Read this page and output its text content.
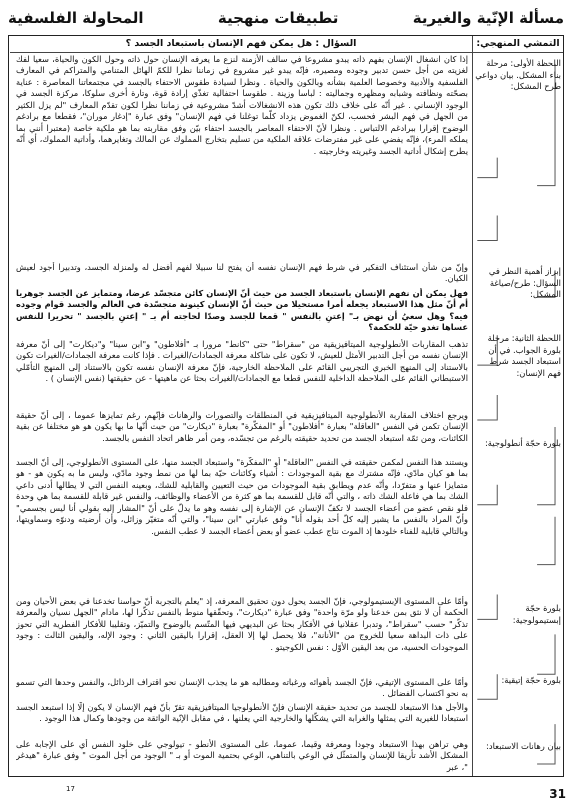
مسألة الإنّية والغيرية
تطبيقات منهجية
المحاولة الفلسفية
التمشي المنهجي:
السؤال : هل يمكن فهم الإنسان باستبعاد الجسد ؟
اللحظة الأولى: مرحلة بناء المشكل. بيان دواعي طرح المشكل:
إبراز أهمية النظر في السؤال: طرح/صياغة المشكل:
اللحظة الثانية: مرحلة بلورة الجواب. في أن استبعاد الجسد شرط فهم الإنسان:
بلورة حجّة أنطولوجية:
بلورة حجّة إبستيمولوجية:
بلورة حجّة إتيقية:
بيان رهانات الاستبعاد:

إذا كان انشغال الإنسان بفهم ذاته يبدو مشروعا في سالف الأزمنة لنزع ما يعرفه الإنسان حول ذاته وحول الكون والحياة، سعيا لفك لغزيته من أجل حسن تدبير وجوده ومصيره، فإنّه يبدو غير مشروع في زماننا نظرا للكمّ الهائل المتنامي والمتراكم في المعارف الفلسفية والأدبية وخصوصا العلمية بشأنه وبالكون والحياة . ونظرا لسيادة طقوس الاحتفاء بالجسد في مجتمعاتنا المعاصرة : عناية بصحّته ونظافته وشبابه ومظهره وجماليته : لباسا وزينة . طقوسا احتفالية تغذّي إرادة قوة، وتارة أخرى سلوكا، مركزة الجسد في الوجود الإنساني . غير أنّه على خلاف ذلك تكون هذه الانشغالات أشدّ مشروعية في زماننا نظرا لكون تقدّم المعارف "لم يزل الكثير من الجهل في فهم البشر فحسب، لكنّ الغموض يزداد كلّما توغلنا في فهم الإنسان" وفق عبارة "إدغار موران"، فقطعا مع برادغم الوضوح إقرارا ببرادغم الالتباس . ونظرا لأنّ الاحتفاء المعاصر بالجسد احتفاء بيّن وفق مقاربته بما هو ملكية خاصة (معتبرا أنني بما يملكه المرء)، فإنّه يفضي على غير مفترضات علاقة الملكية من تسليم بتخارج المملوك عن المالك وتغايرهما، وأداتية المملوك، أي أنّه يطرح إشكال أداتية الجسد وغيريته وخارجيته .

وإنّ من شأن استئناف التفكير في شرط فهم الإنسان نفسه أن يفتح لنا سبيلا لفهم أفضل له ولمنزلة الجسد، وتدبيرا أجود لعيش الكيان.

فهل يمكن أن نفهم الإنسان باستبعاد الجسد من حيث أنّ الإنسان كائن متجسّد عرضا، ومتمايز عن الجسد جوهريا أم أنّ مثل هذا الاستبعاد يجعله أمرا مستحيلا من حيث أنّ الإنسان كينونة متجسّدة في العالم والجسد قوام وجوده فيه؟ وهل سعيُ أن نهض بـ" إعتنِ بالنفس " قمعا للجسد وصدّا لحاجته أم بـ " إعتنِ بالجسد " تحريرا للنفس عساها تغدو حيّة للحكمة؟

تذهب المقاربات الأنطولوجية الميتافيزيقية من "سقراط" حتى "كانط" مرورا بـ "أفلاطون" و"ابن سينا" و"ديكارت" إلى أنّ معرفة الإنسان نفسه من أجل التدبير الأمثل للعيش، لا تكون على شاكلة معرفة الجمادات/الغيرات . فإذا كانت معرفة الجمادات/الغيرات تكون بالاستناد إلى المنهج الخبري التجريبي القائم على الملاحظة الخارجية، فإنّ معرفة الإنسان نفسه تكون بالاستناد إلى المنهج التأمّلي الاستبطاني القائم على الملاحظة الداخلية للنفس قطعا مع الجمادات/الغيرات بحثا عن ماهيتها - عن حقيقتها (نفس الإنسان ) .

ويرجع اختلاف المقاربة الأنطولوجية الميتافيزيقية في المنطلقات والتصورات والرهانات فإنّهم، رغم تمايزها عموما ، إلى أنّ حقيقة الإنسان تكمن في النفس "العاقلة" بعبارة "أفلاطون" أو "المفكّرة" بعبارة "ديكارت" من حيث أنّها ما بها يكون هو هو مختلفا عن بقية الكائنات، ومن ثمّة استبعاد الجسد من تحديد حقيقته بالرغم من تجسّده، ومن أمر ظاهر اتحاد النفس بالجسد.

ويستند هذا النفس لمكمن حقيقته في النفس "العاقلة" أو "المفكّرة" واستبعاد الجسد منها، على المستوى الأنطولوجي، إلى أنّ الجسد بما هو كيان مادّي، فإنّه مشترك مع بقية الموجودات : أشياء وكائنات حيّة بما لها من نمط وجود مادّي، وليس ما به يكون هو - هو متمايزا عنها و متفرّدا، وأنّه عدم ويطابق بقية الموجودات من حيث التعيين والقابلية للشك، وبعينه النفس التي لا يطالها أدنى داعي الشك بما هي فاعلة الشك ذاته ، والتي أنّه قابل للقسمة بما هو كثرة من الأعضاء والوظائف، والنفس غير قابلة للقسمة بما هي وحدة فلو نقص عضو من أعضاء الجسد لا تكفّ الإنسان عن الإشارة إلى نفسه وهو ما يدلّ على أنّ "المشار إليه بقولي أنا ليس بجسمي" وأنّ المراد بالنفس ما يشير إليه كلّ أحد بقوله أنا" وفق عبارتي "ابن سينا"، والتي أنّه متغيّر وزائل، وأن أرضيته ودنوّه وسماويتها، وبالتالي قابلية للفناء خلودها إذ الموت نتاج عطب عضو أو بعض أعضاء الجسد لا عطب النفس.

وأمّا على المستوى الإبستيمولوجي، فإنّ الجسد يحول دون تحقيق المعرفة، إذ "يعلم بالتجربة أنّ حواسنا تخدعنا في بعض الأحيان ومن الحكمة أن لا نثق بمن خدعنا ولو مرّة واحدة" وفق عبارة "ديكارت"، وتحقّقها منوط بالنفس تذكّرا لها، مادام "الجهل نسيان والمعرفة تذكّر" حسب "سقراط"، وتدبرا عقلانيا في الأفكار بحثا عن البديهي فيها المتّسم بالوضوح والتميّز، وتقليبا للأفكار الفطرية التي تحوز على ذات البداهة سعيا للخروج من "الأنانة"، فلا يحصل لها إلا العقل، إقرارا باليقين الثاني : وجود الإله، واليقين الثالث : وجود الموجودات الحسية، من بعد اليقين الأوّل : نفس الكوجيتو .

وأمّا على المستوى الإتيقي، فإنّ الجسد بأهوائه ورغباته ومطالبه هو ما يجذب الإنسان نحو اقتراف الرذائل، والنفس وحدها التي تسمو به نحو اكتساب الفضائل .

والأجل هذا الاستبعاد للجسد من تحديد حقيقة الإنسان فإنّ الأنطولوجيا الميتافيزيقية تقرّ بأنّ فهم الإنسان لا يكون إلّا إذا استبعد الجسد استبعادا للغيرية التي يمثلها والغرابة التي يشكّلها والخارجية التي يعلنها ، في مقابل الإنّية الواثقة من وجودها وكمال هذا الوجود .

وهي تراهن بهذا الاستبعاد وجودا ومعرفة وقيما، عموما، على المستوى الأنطو - تيولوجي على خلود النفس أي على الإجابة على المشكل الأشد تأريقا للإنسان والمتمثّل في الوعي بالتناهي، الوعي بحتمية الموت أو بـ " الوجود من أجل الموت " وفق عبارة "هيدغر "، عبر

17	31
